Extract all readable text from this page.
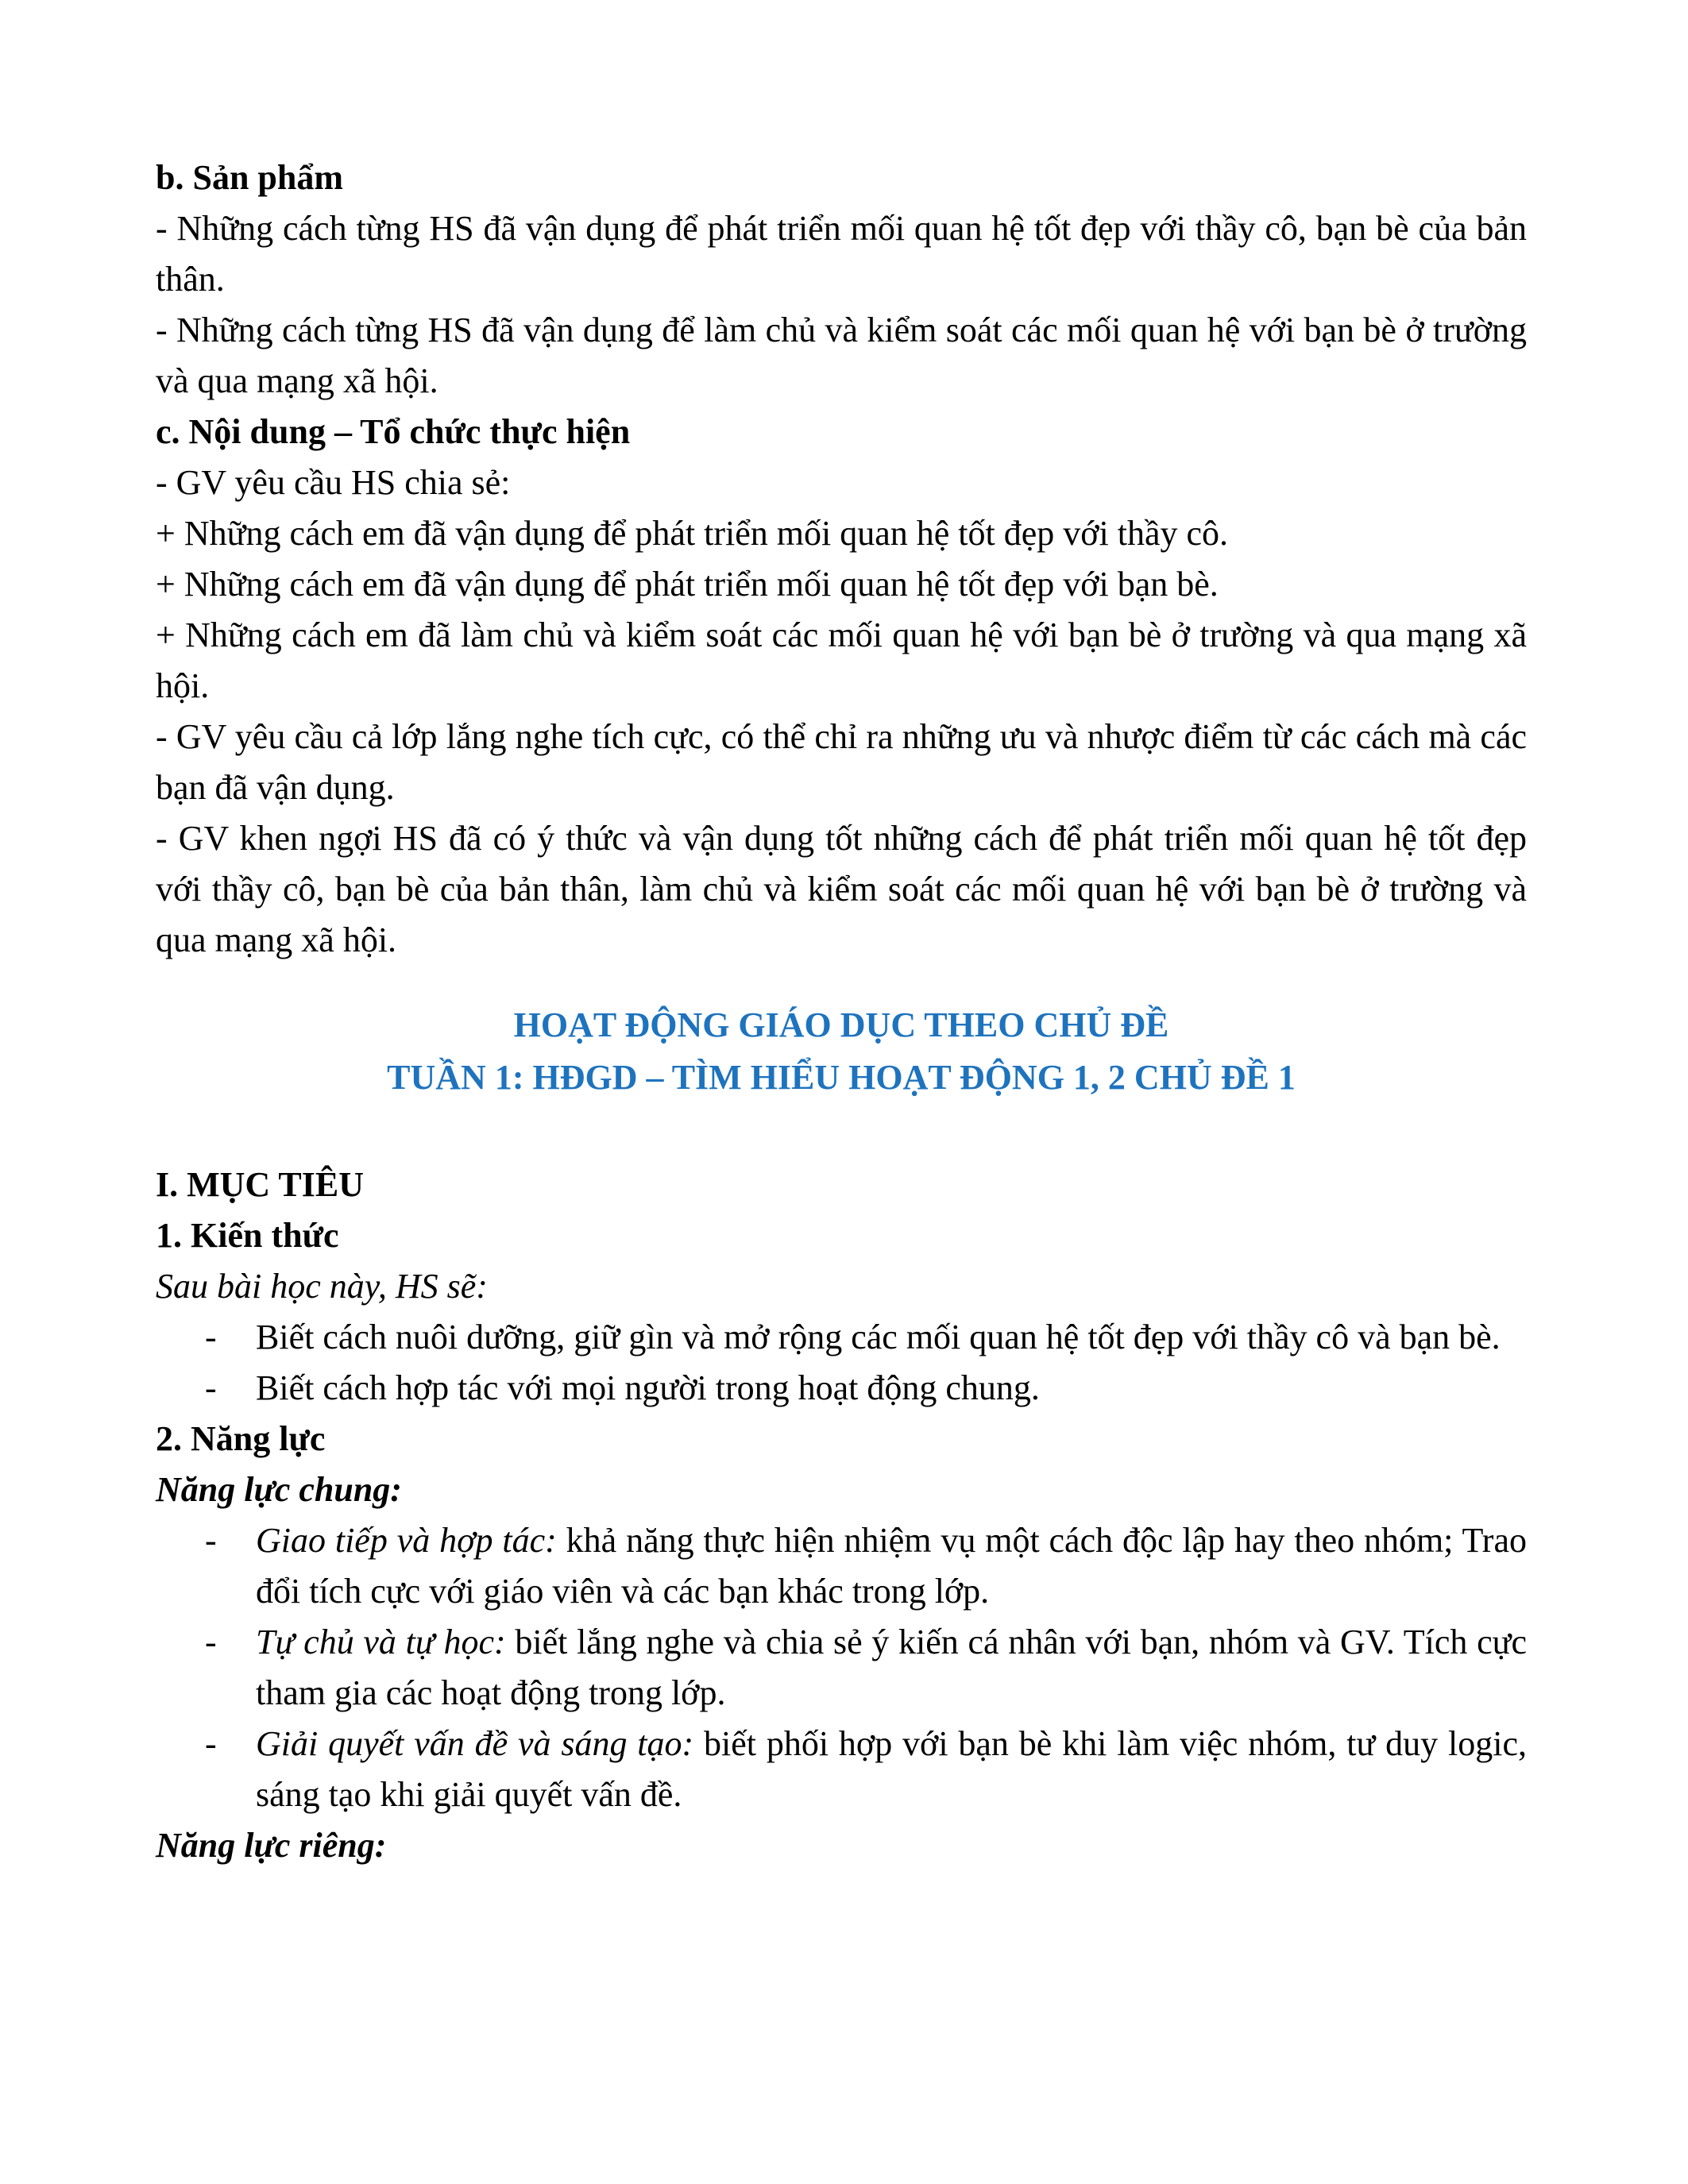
b. Sản phẩm
- Những cách từng HS đã vận dụng để phát triển mối quan hệ tốt đẹp với thầy cô, bạn bè của bản thân.
- Những cách từng HS đã vận dụng để làm chủ và kiểm soát các mối quan hệ với bạn bè ở trường và qua mạng xã hội.
c. Nội dung – Tổ chức thực hiện
- GV yêu cầu HS chia sẻ:
+ Những cách em đã vận dụng để phát triển mối quan hệ tốt đẹp với thầy cô.
+ Những cách em đã vận dụng để phát triển mối quan hệ tốt đẹp với bạn bè.
+ Những cách em đã làm chủ và kiểm soát các mối quan hệ với bạn bè ở trường và qua mạng xã hội.
- GV yêu cầu cả lớp lắng nghe tích cực, có thể chỉ ra những ưu và nhược điểm từ các cách mà các bạn đã vận dụng.
- GV khen ngợi HS đã có ý thức và vận dụng tốt những cách để phát triển mối quan hệ tốt đẹp với thầy cô, bạn bè của bản thân, làm chủ và kiểm soát các mối quan hệ với bạn bè ở trường và qua mạng xã hội.
HOẠT ĐỘNG GIÁO DỤC THEO CHỦ ĐỀ
TUẦN 1: HĐGD – TÌM HIỂU HOẠT ĐỘNG 1, 2 CHỦ ĐỀ 1
I. MỤC TIÊU
1. Kiến thức
Sau bài học này, HS sẽ:
- Biết cách nuôi dưỡng, giữ gìn và mở rộng các mối quan hệ tốt đẹp với thầy cô và bạn bè.
- Biết cách hợp tác với mọi người trong hoạt động chung.
2. Năng lực
Năng lực chung:
- Giao tiếp và hợp tác: khả năng thực hiện nhiệm vụ một cách độc lập hay theo nhóm; Trao đổi tích cực với giáo viên và các bạn khác trong lớp.
- Tự chủ và tự học: biết lắng nghe và chia sẻ ý kiến cá nhân với bạn, nhóm và GV. Tích cực tham gia các hoạt động trong lớp.
- Giải quyết vấn đề và sáng tạo: biết phối hợp với bạn bè khi làm việc nhóm, tư duy logic, sáng tạo khi giải quyết vấn đề.
Năng lực riêng:
